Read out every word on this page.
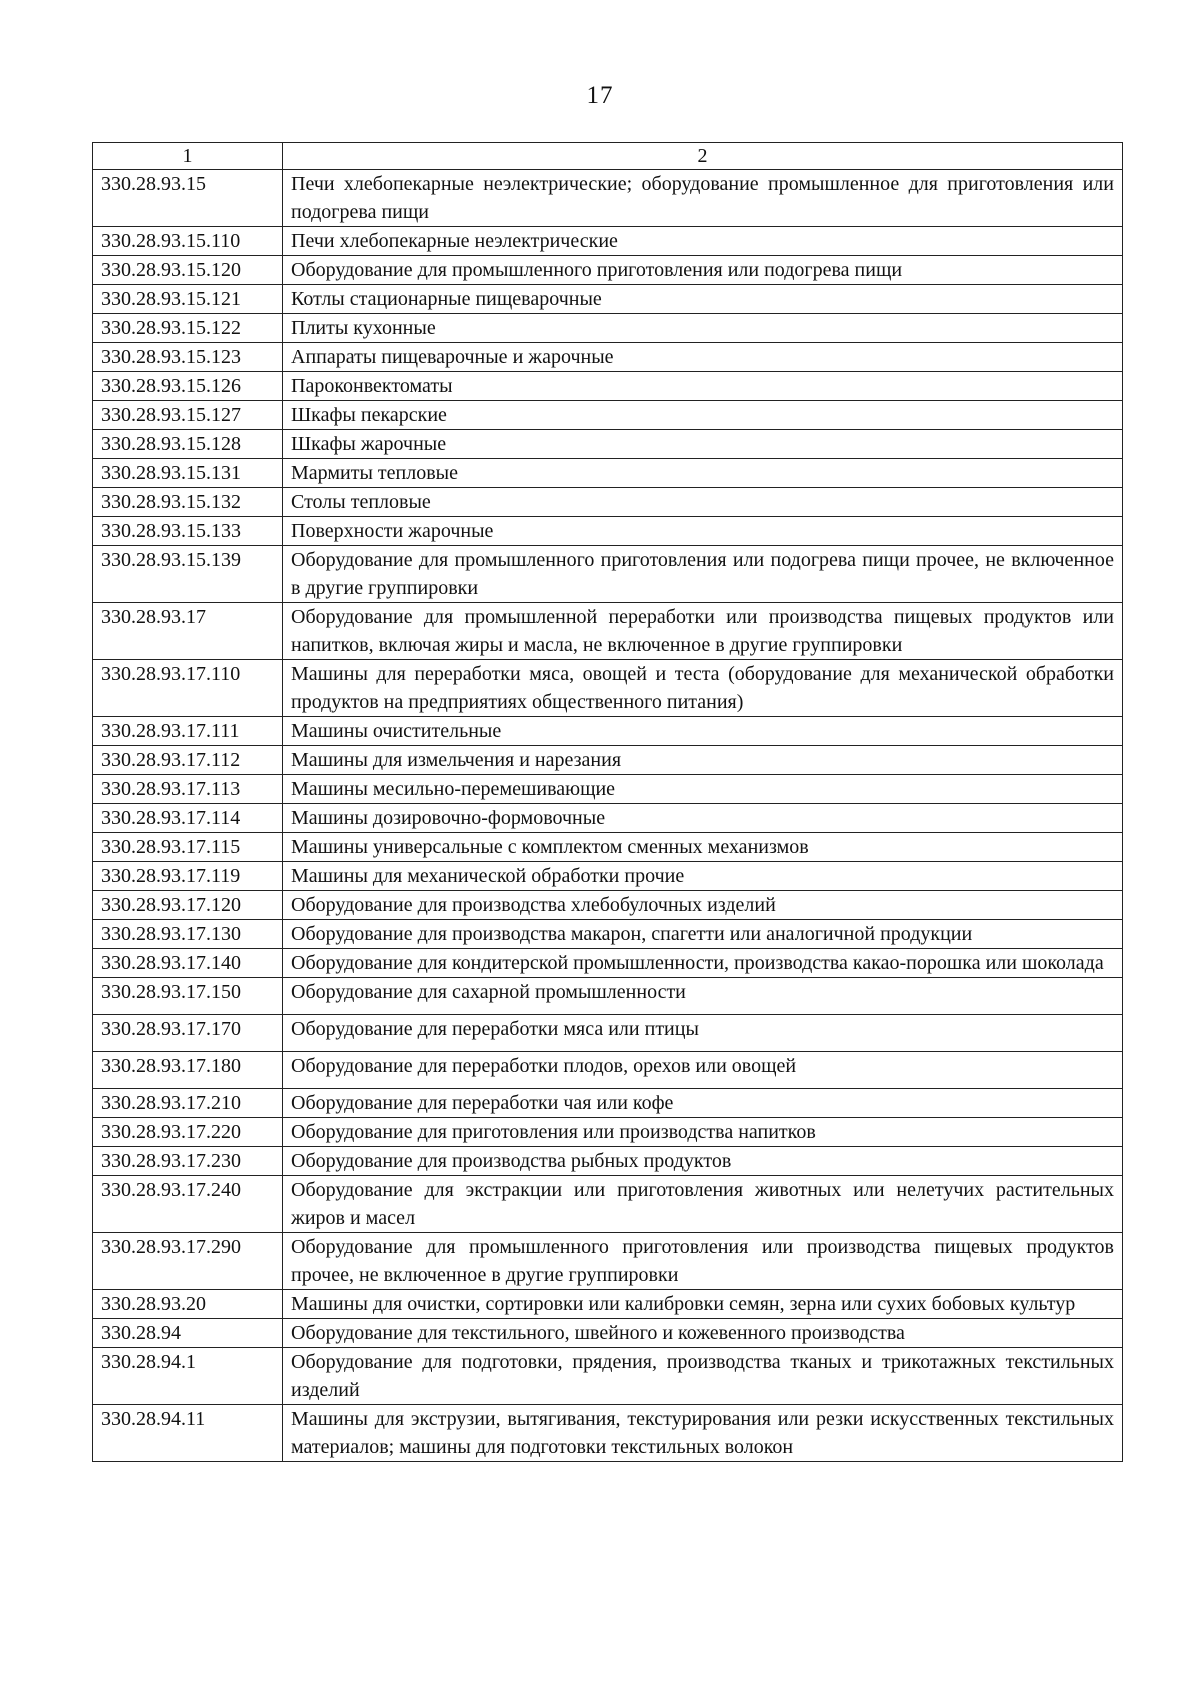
17
1	2
330.28.93.15	Печи хлебопекарные неэлектрические; оборудование промышленное для приготовления или подогрева пищи
330.28.93.15.110	Печи хлебопекарные неэлектрические
330.28.93.15.120	Оборудование для промышленного приготовления или подогрева пищи
330.28.93.15.121	Котлы стационарные пищеварочные
330.28.93.15.122	Плиты кухонные
330.28.93.15.123	Аппараты пищеварочные и жарочные
330.28.93.15.126	Пароконвектоматы
330.28.93.15.127	Шкафы пекарские
330.28.93.15.128	Шкафы жарочные
330.28.93.15.131	Мармиты тепловые
330.28.93.15.132	Столы тепловые
330.28.93.15.133	Поверхности жарочные
330.28.93.15.139	Оборудование для промышленного приготовления или подогрева пищи прочее, не включенное в другие группировки
330.28.93.17	Оборудование для промышленной переработки или производства пищевых продуктов или напитков, включая жиры и масла, не включенное в другие группировки
330.28.93.17.110	Машины для переработки мяса, овощей и теста (оборудование для механической обработки продуктов на предприятиях общественного питания)
330.28.93.17.111	Машины очистительные
330.28.93.17.112	Машины для измельчения и нарезания
330.28.93.17.113	Машины месильно-перемешивающие
330.28.93.17.114	Машины дозировочно-формовочные
330.28.93.17.115	Машины универсальные с комплектом сменных механизмов
330.28.93.17.119	Машины для механической обработки прочие
330.28.93.17.120	Оборудование для производства хлебобулочных изделий
330.28.93.17.130	Оборудование для производства макарон, спагетти или аналогичной продукции
330.28.93.17.140	Оборудование для кондитерской промышленности, производства какао-порошка или шоколада
330.28.93.17.150	Оборудование для сахарной промышленности
330.28.93.17.170	Оборудование для переработки мяса или птицы
330.28.93.17.180	Оборудование для переработки плодов, орехов или овощей
330.28.93.17.210	Оборудование для переработки чая или кофе
330.28.93.17.220	Оборудование для приготовления или производства напитков
330.28.93.17.230	Оборудование для производства рыбных продуктов
330.28.93.17.240	Оборудование для экстракции или приготовления животных или нелетучих растительных жиров и масел
330.28.93.17.290	Оборудование для промышленного приготовления или производства пищевых продуктов прочее, не включенное в другие группировки
330.28.93.20	Машины для очистки, сортировки или калибровки семян, зерна или сухих бобовых культур
330.28.94	Оборудование для текстильного, швейного и кожевенного производства
330.28.94.1	Оборудование для подготовки, прядения, производства тканых и трикотажных текстильных изделий
330.28.94.11	Машины для экструзии, вытягивания, текстурирования или резки искусственных текстильных материалов; машины для подготовки текстильных волокон
